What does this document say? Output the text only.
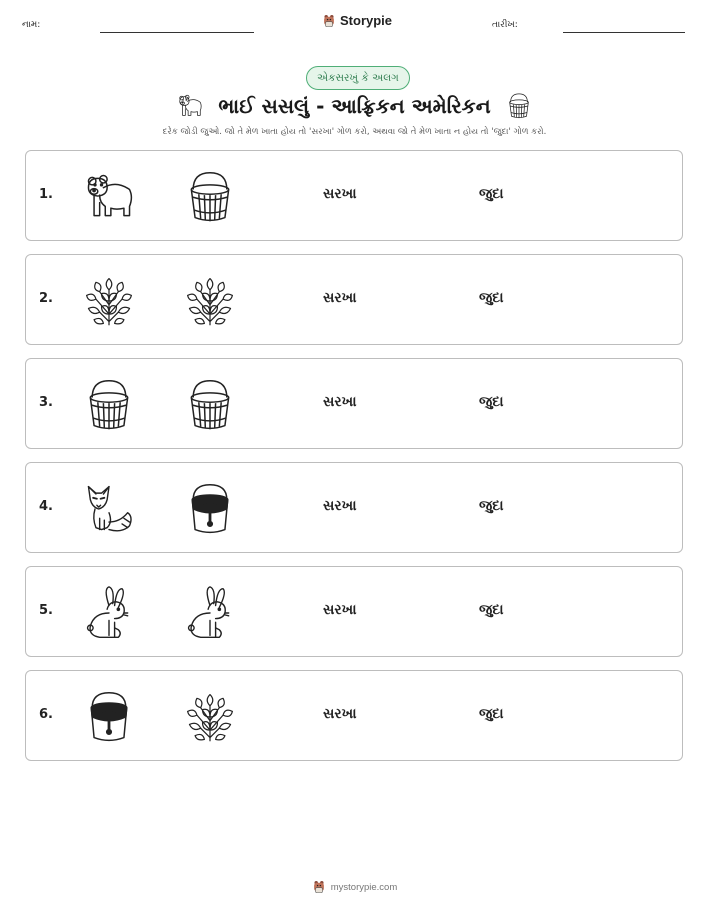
નામ:	Storypie	તારીખ:
એકસરખું કે અલગ
ભાઈ સસલું - આફ્રિકન અમેરિકન
દરેક જોડી જુઓ. જો તે મેળ ખાતા હોય તો 'સરખા' ગોળ કરો, અથવા જો તે મેળ ખાતા ન હોય તો 'જુદા' ગોળ કરો.
1.	સરખા	જુદા
2.	સરખા	જુદા
3.	સરખા	જુદા
4.	સરખા	જુદા
5.	સરખા	જુદા
6.	સરખા	જુદા
mystorypie.com
